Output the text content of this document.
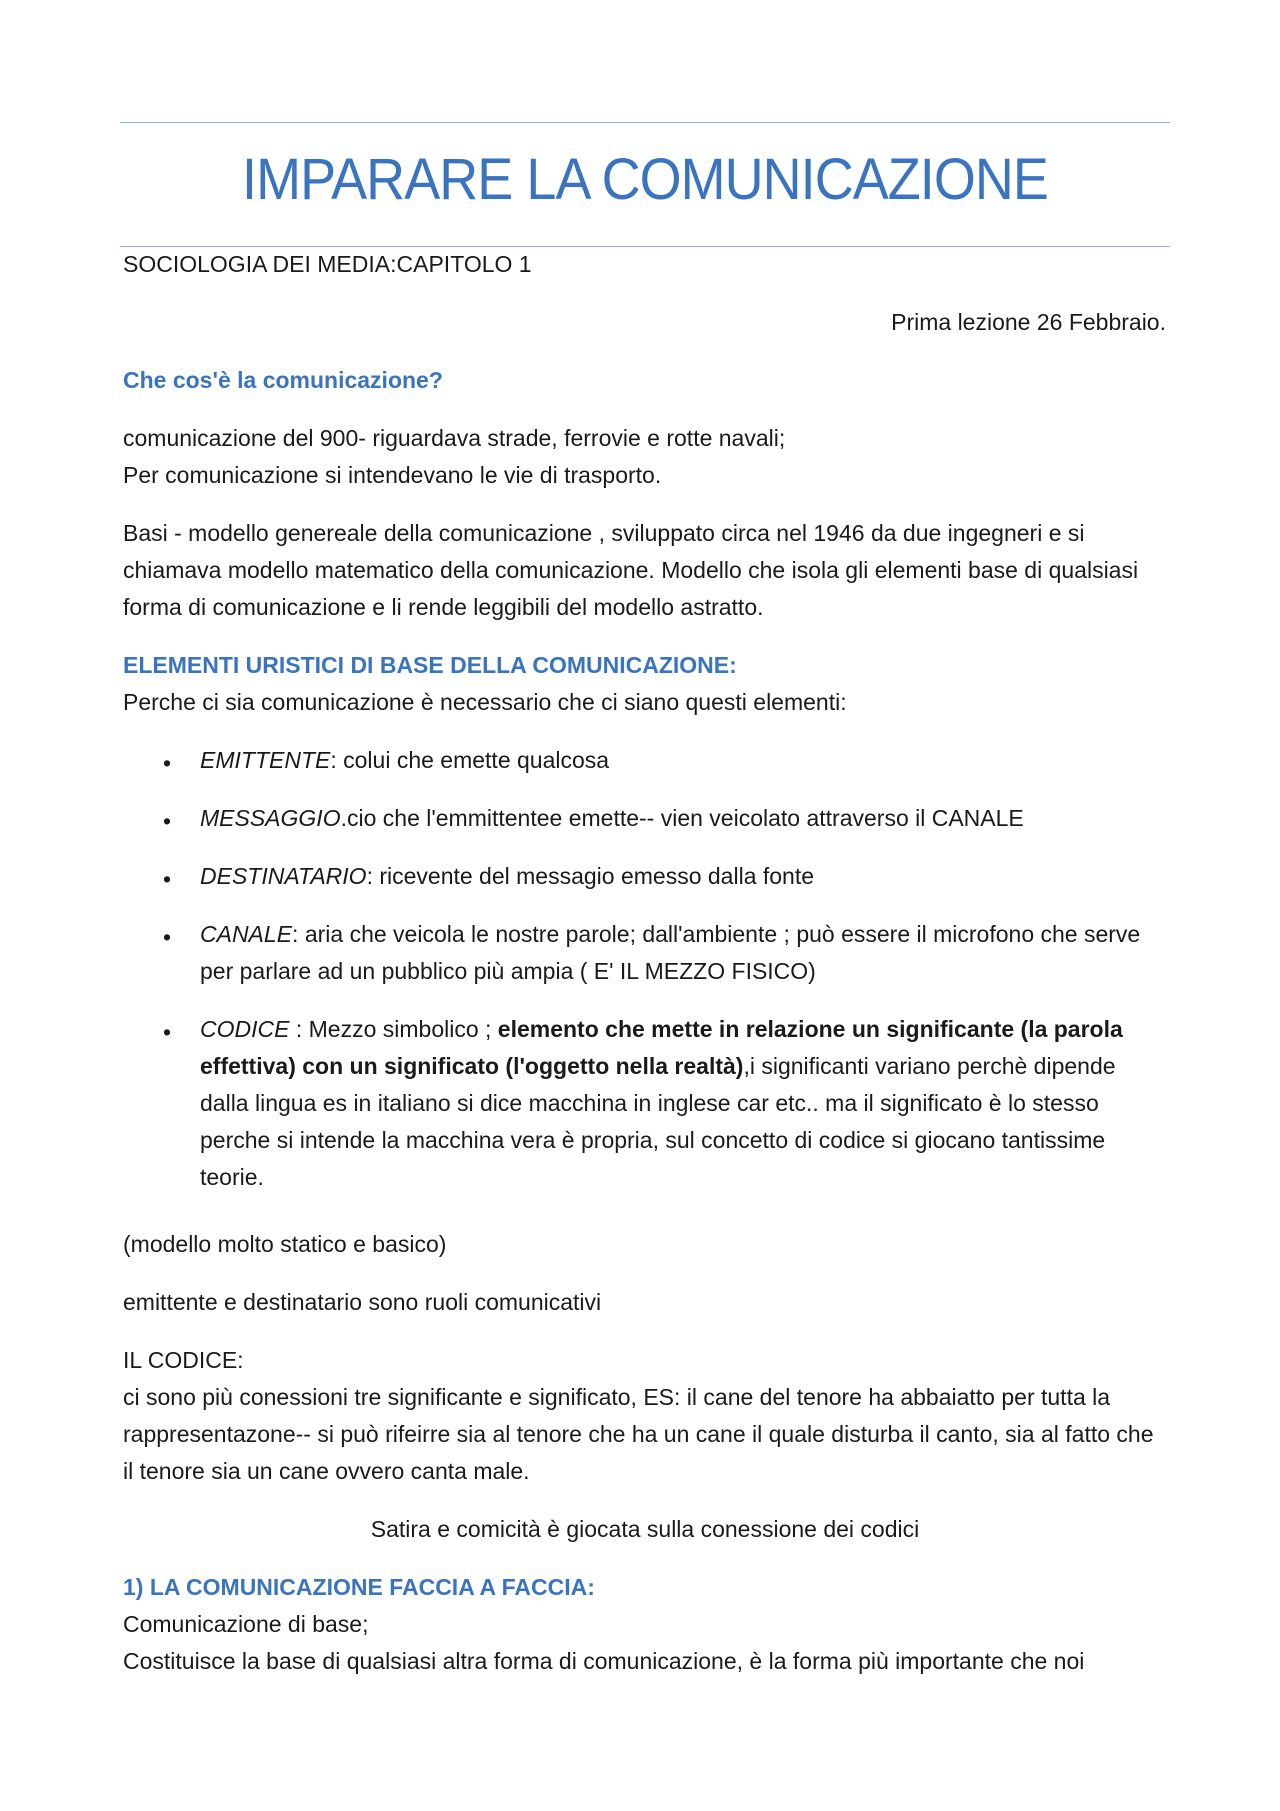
IMPARARE LA COMUNICAZIONE
SOCIOLOGIA DEI MEDIA:CAPITOLO 1
Prima lezione 26 Febbraio.
Che cos'è la comunicazione?
comunicazione del 900- riguardava strade, ferrovie e rotte navali;
Per comunicazione si intendevano le vie di trasporto.
Basi - modello genereale della comunicazione , sviluppato circa nel 1946 da due ingegneri e si
chiamava modello matematico della comunicazione. Modello che isola gli elementi base di qualsiasi
forma di comunicazione e li rende leggibili del modello astratto.
ELEMENTI URISTICI DI BASE DELLA COMUNICAZIONE:
Perche ci sia comunicazione è necessario che ci siano questi elementi:
• EMITTENTE: colui che emette qualcosa
• MESSAGGIO.cio che l'emmittentee emette-- vien veicolato attraverso il CANALE
• DESTINATARIO: ricevente del messagio emesso dalla fonte
• CANALE: aria che veicola le nostre parole; dall'ambiente ; può essere il microfono che serve
per parlare ad un pubblico più ampia ( E' IL MEZZO FISICO)
• CODICE : Mezzo simbolico ; elemento che mette in relazione un significante (la parola
effettiva) con un significato (l'oggetto nella realtà),i significanti variano perchè dipende
dalla lingua es in italiano si dice macchina in inglese car etc.. ma il significato è lo stesso
perche si intende la macchina vera è propria, sul concetto di codice si giocano tantissime
teorie.
(modello molto statico e basico)
emittente e destinatario sono ruoli comunicativi
IL CODICE:
ci sono più conessioni tre significante e significato, ES: il cane del tenore ha abbaiatto per tutta la
rappresentazone-- si può rifeirre sia al tenore che ha un cane il quale disturba il canto, sia al fatto che
il tenore sia un cane ovvero canta male.
Satira e comicità è giocata sulla conessione dei codici
1) LA COMUNICAZIONE FACCIA A FACCIA:
Comunicazione di base;
Costituisce la base di qualsiasi altra forma di comunicazione, è la forma più importante che noi
